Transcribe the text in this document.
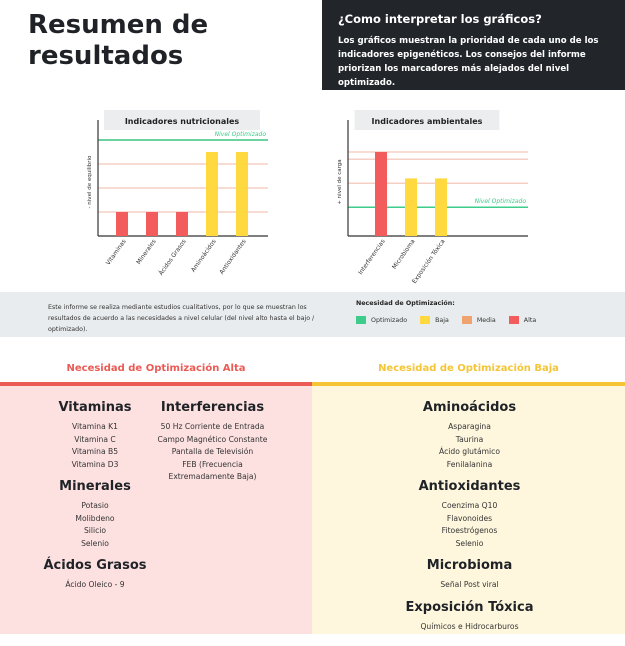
Resumen de
resultados
¿Como interpretar los gráficos?

Los gráficos muestran la prioridad de cada uno de los indicadores epigenéticos. Los consejos del informe priorizan los marcadores más alejados del nivel optimizado.

Indicadores nutricionales
Nivel Optimizado
- nivel de equilibrio
Vitaminas Minerales Ácidos Grasos Aminoácidos Antioxidantes
Indicadores ambientales
Nivel Optimizado
+ nivel de carga
Interferencias Microbioma
Exposición Tóxica
Este informe se realiza mediante estudios cualitativos, por lo que se muestran los resultados de acuerdo a las necesidades a nivel celular (del nivel alto hasta el bajo / optimizado).
Necesidad de Optimización:
Optimizado	Baja	Media	Alta
Necesidad de Optimización Alta	Necesidad de Optimización Baja
Vitaminas
Vitamina K1
Vitamina C
Vitamina B5
Vitamina D3
Minerales
Potasio
Molibdeno
Silicio
Selenio
Ácidos Grasos
Ácido Oleico - 9
Interferencias
50 Hz Corriente de Entrada
Campo Magnético Constante
Pantalla de Televisión
FEB (Frecuencia Extremadamente Baja)
Aminoácidos
Asparagina
Taurina
Ácido glutámico
Fenilalanina
Antioxidantes
Coenzima Q10
Flavonoides
Fitoestrógenos
Selenio
Microbioma
Señal Post viral
Exposición Tóxica
Químicos e Hidrocarburos
